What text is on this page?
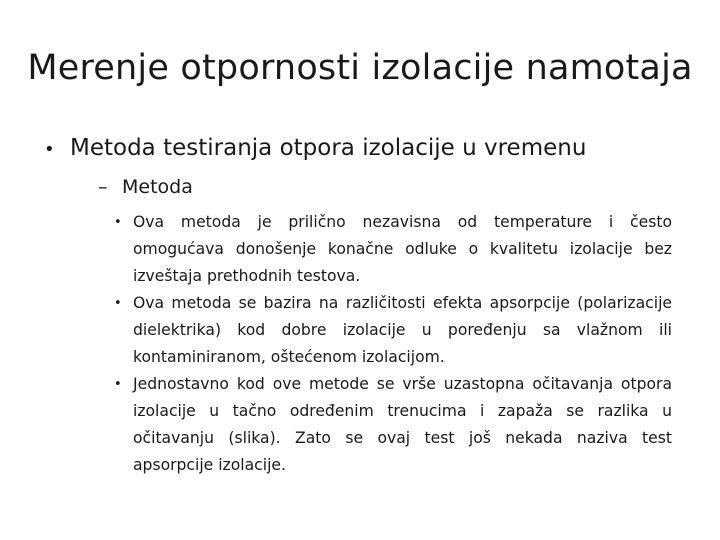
Merenje otpornosti izolacije namotaja
• Metoda testiranja otpora izolacije u vremenu
– Metoda
• Ova metoda je prilično nezavisna od temperature i često omogućava donošenje konačne odluke o kvalitetu izolacije bez izveštaja prethodnih testova.
• Ova metoda se bazira na različitosti efekta apsorpcije (polarizacije dielektrika) kod dobre izolacije u poređenju sa vlažnom ili kontaminiranom, oštećenom izolacijom.
• Jednostavno kod ove metode se vrše uzastopna očitavanja otpora izolacije u tačno određenim trenucima i zapaža se razlika u očitavanju (slika). Zato se ovaj test još nekada naziva test apsorpcije izolacije.
